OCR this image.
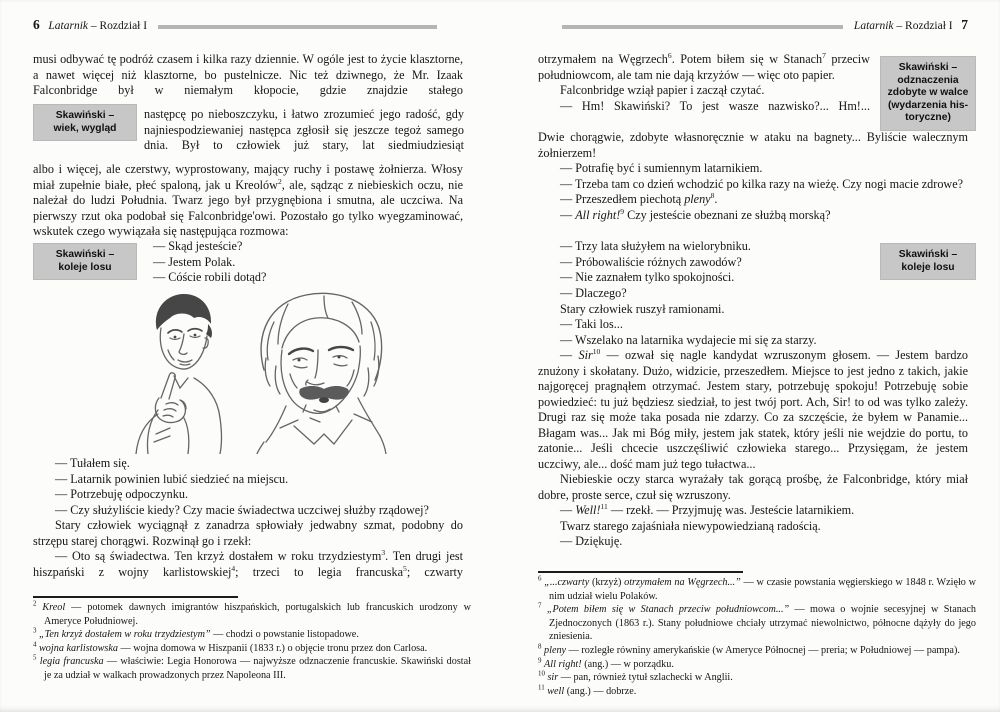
6 Latarnik – Rozdział I

musi odbywać tę podróż czasem i kilka razy dziennie. W ogóle jest to życie klasztorne, a nawet więcej niż klasztorne, bo pustelnicze. Nic też dziwnego, że Mr. Izaak Falconbridge był w niemałym kłopocie, gdzie znajdzie stałego

Skawiński –
wiek, wygląd

następcę po nieboszczyku, i łatwo zrozumieć jego radość, gdy najniespodziewaniej następca zgłosił się jeszcze tegoż samego dnia. Był to człowiek już stary, lat siedmiudziesiąt

albo i więcej, ale czerstwy, wyprostowany, mający ruchy i postawę żołnierza. Włosy miał zupełnie białe, płeć spaloną, jak u Kreolów$^2$, ale, sądząc z niebieskich oczu, nie należał do ludzi Południa. Twarz jego był przygnębiona i smutna, ale uczciwa. Na pierwszy rzut oka podobał się Falconbridge'owi. Pozostało go tylko wyegzaminować, wskutek czego wywiązała się następująca rozmowa:

Skawiński –
koleje losu
— Skąd jesteście?
— Jestem Polak.
— Cóście robili dotąd?

— Tułałem się.

— Latarnik powinien lubić siedzieć na miejscu.

— Potrzebuję odpoczynku.

— Czy służyliście kiedy? Czy macie świadectwa uczciwej służby rządowej?

Stary człowiek wyciągnął z zanadrza spłowiały jedwabny szmat, podobny do strzępu starej chorągwi. Rozwinął go i rzekł:

— Oto są świadectwa. Ten krzyż dostałem w roku trzydziestym$^3$. Ten drugi jest hiszpański z wojny karlistowskiej$^4$; trzeci to legia francuska$^5$; czwarty

$^2$ Kreol — potomek dawnych imigrantów hiszpańskich, portugalskich lub francuskich urodzony w Ameryce Południowej.

$^3$ „Ten krzyż dostałem w roku trzydziestym” — chodzi o powstanie listopadowe.

$^4$ wojna karlistowska — wojna domowa w Hiszpanii (1833 r.) o objęcie tronu przez don Carlosa.

$^5$ legia francuska — właściwie: Legia Honorowa — najwyższe odznaczenie francuskie. Skawiński dostał je za udział w walkach prowadzonych przez Napoleona III.

Latarnik – Rozdział I 7
Skawiński –
odznaczenia
zdobyte w walce
(wydarzenia his-
toryczne)

otrzymałem na Węgrzech$^6$. Potem biłem się w Stanach$^7$ przeciw południowcom, ale tam nie dają krzyżów — więc oto papier.

Falconbridge wziął papier i zaczął czytać.

— Hm! Skawiński? To jest wasze nazwisko?... Hm!...

Dwie chorągwie, zdobyte własnoręcznie w ataku na bagnety... Byliście walecznym żołnierzem!

— Potrafię być i sumiennym latarnikiem.

— Trzeba tam co dzień wchodzić po kilka razy na wieżę. Czy nogi macie zdrowe?

— Przeszedłem piechotą pleny$^8$.

— All right!$^9$ Czy jesteście obeznani ze służbą morską?

Skawiński –
koleje losu

— Trzy lata służyłem na wielorybniku.

— Próbowaliście różnych zawodów?

— Nie zaznałem tylko spokojności.

— Dlaczego?

Stary człowiek ruszył ramionami.

— Taki los...

— Wszelako na latarnika wydajecie mi się za starzy.

— Sir$^{10}$ — ozwał się nagle kandydat wzruszonym głosem. — Jestem bardzo znużony i skołatany. Dużo, widzicie, przeszedłem. Miejsce to jest jedno z takich, jakie najgoręcej pragnąłem otrzymać. Jestem stary, potrzebuję spokoju! Potrzebuję sobie powiedzieć: tu już będziesz siedział, to jest twój port. Ach, Sir! to od was tylko zależy. Drugi raz się może taka posada nie zdarzy. Co za szczęście, że byłem w Panamie... Błagam was... Jak mi Bóg miły, jestem jak statek, który jeśli nie wejdzie do portu, to zatonie... Jeśli chcecie uszczęśliwić człowieka starego... Przysięgam, że jestem uczciwy, ale... dość mam już tego tułactwa...

Niebieskie oczy starca wyrażały tak gorącą prośbę, że Falconbridge, który miał dobre, proste serce, czuł się wzruszony.

— Well!$^{11}$ — rzekł. — Przyjmuję was. Jesteście latarnikiem.

Twarz starego zajaśniała niewypowiedzianą radością.

— Dziękuję.

$^6$ „...czwarty (krzyż) otrzymałem na Węgrzech...” — w czasie powstania węgierskiego w 1848 r. Wzięło w nim udział wielu Polaków.

$^7$ „Potem biłem się w Stanach przeciw południowcom...” — mowa o wojnie secesyjnej w Stanach Zjednoczonych (1863 r.). Stany południowe chciały utrzymać niewolnictwo, północne dążyły do jego zniesienia.

$^8$ pleny — rozległe równiny amerykańskie (w Ameryce Północnej — preria; w Południowej — pampa).

$^9$ All right! (ang.) — w porządku.

$^{10}$ sir — pan, również tytuł szlachecki w Anglii.

$^{11}$ well (ang.) — dobrze.
